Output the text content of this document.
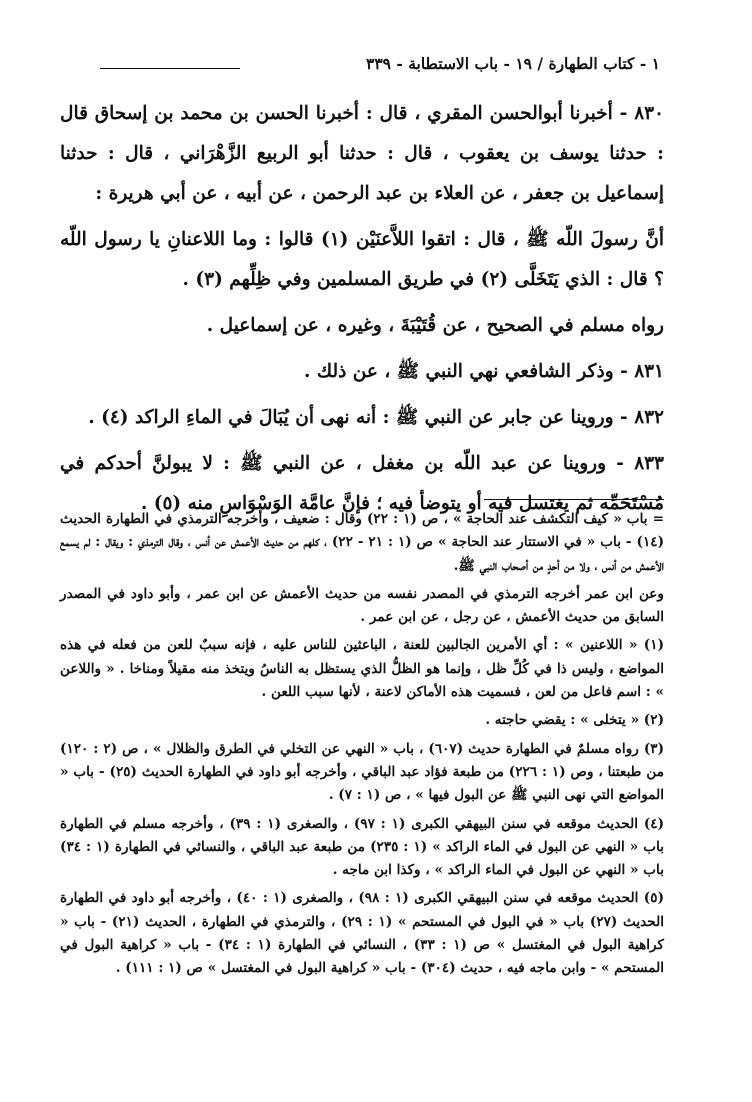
١ - كتاب الطهارة / ١٩ - باب الاستطابة - ٣٣٩

٨٣٠ - أخبرنا أبوالحسن المقري ، قال : أخبرنا الحسن بن محمد بن إسحاق قال : حدثنا يوسف بن يعقوب ، قال : حدثنا أبو الربيع الزَّهْرَاني ، قال : حدثنا إسماعيل بن جعفر ، عن العلاء بن عبد الرحمن ، عن أبيه ، عن أبي هريرة :

أنَّ رسولَ اللّه ﷺ ، قال : اتقوا اللاَّعنَيْن (١) قالوا : وما اللاعنانِ يا رسول اللّه ؟ قال : الذي يَتَخَلَّى (٢) في طريق المسلمين وفي ظِلِّهم (٣) .

رواه مسلم في الصحيح ، عن قُتَيْبَةَ ، وغيره ، عن إسماعيل .

٨٣١ - وذكر الشافعي نهي النبي ﷺ ، عن ذلك .

٨٣٢ - وروينا عن جابر عن النبي ﷺ : أنه نهى أن يُبَالَ في الماءِ الراكد (٤) .

٨٣٣ - وروينا عن عبد اللّه بن مغفل ، عن النبي ﷺ : لا يبولنَّ أحدكم في مُسْتَحَمِّه ثم يغتسل فيه أو يتوضأ فيه ؛ فإنَّ عامَّة الوَسْوَاسِ منه (٥) .

= باب « كيف التكشف عند الحاجة » ، ص (١ : ٢٢) وقال : ضعيف ، وأخرجه الترمذي في الطهارة الحديث (١٤) - باب « في الاستتار عند الحاجة » ص (١ : ٢١ - ٢٢) ، كلهم من حديث الأعمش عن أنس ، وقال الترمذي : ويقال : لم يسمع الأعمش من أنس ، ولا من أحدٍ من أصحاب النبي ﷺ.

وعن ابن عمر أخرجه الترمذي في المصدر نفسه من حديث الأعمش عن ابن عمر ، وأبو داود في المصدر السابق من حديث الأعمش ، عن رجل ، عن ابن عمر .

(١) « اللاعنين » : أي الأمرين الجالبين للعنة ، الباعثين للناس عليه ، فإنه سببٌ للعن من فعله في هذه المواضع ، وليس ذا في كُلِّ ظل ، وإنما هو الظلُّ الذي يستظل به الناسُ ويتخذ منه مقيلاً ومناخا . « واللاعن » : اسم فاعل من لعن ، فسميت هذه الأماكن لاعنة ، لأنها سبب اللعن .

(٢) « يتخلى » : يقضي حاجته .

(٣) رواه مسلمٌ في الطهارة حديث (٦٠٧) ، باب « النهي عن التخلي في الطرق والظلال » ، ص (٢ : ١٢٠) من طبعتنا ، وص (١ : ٢٢٦) من طبعة فؤاد عبد الباقي ، وأخرجه أبو داود في الطهارة الحديث (٢٥) - باب « المواضع التي نهى النبي ﷺ عن البول فيها » ، ص (١ : ٧) .

(٤) الحديث موقعه في سنن البيهقي الكبرى (١ : ٩٧) ، والصغرى (١ : ٣٩) ، وأخرجه مسلم في الطهارة باب « النهي عن البول في الماء الراكد » (١ : ٢٣٥) من طبعة عبد الباقي ، والنسائي في الطهارة (١ : ٣٤) باب « النهي عن البول في الماء الراكد » ، وكذا ابن ماجه .

(٥) الحديث موقعه في سنن البيهقي الكبرى (١ : ٩٨) ، والصغرى (١ : ٤٠) ، وأخرجه أبو داود في الطهارة الحديث (٢٧) باب « في البول في المستحم » (١ : ٢٩) ، والترمذي في الطهارة ، الحديث (٢١) - باب « كراهية البول في المغتسل » ص (١ : ٣٣) ، النسائي في الطهارة (١ : ٣٤) - باب « كراهية البول في المستحم » - وابن ماجه فيه ، حديث (٣٠٤) - باب « كراهية البول في المغتسل » ص (١ : ١١١) .
